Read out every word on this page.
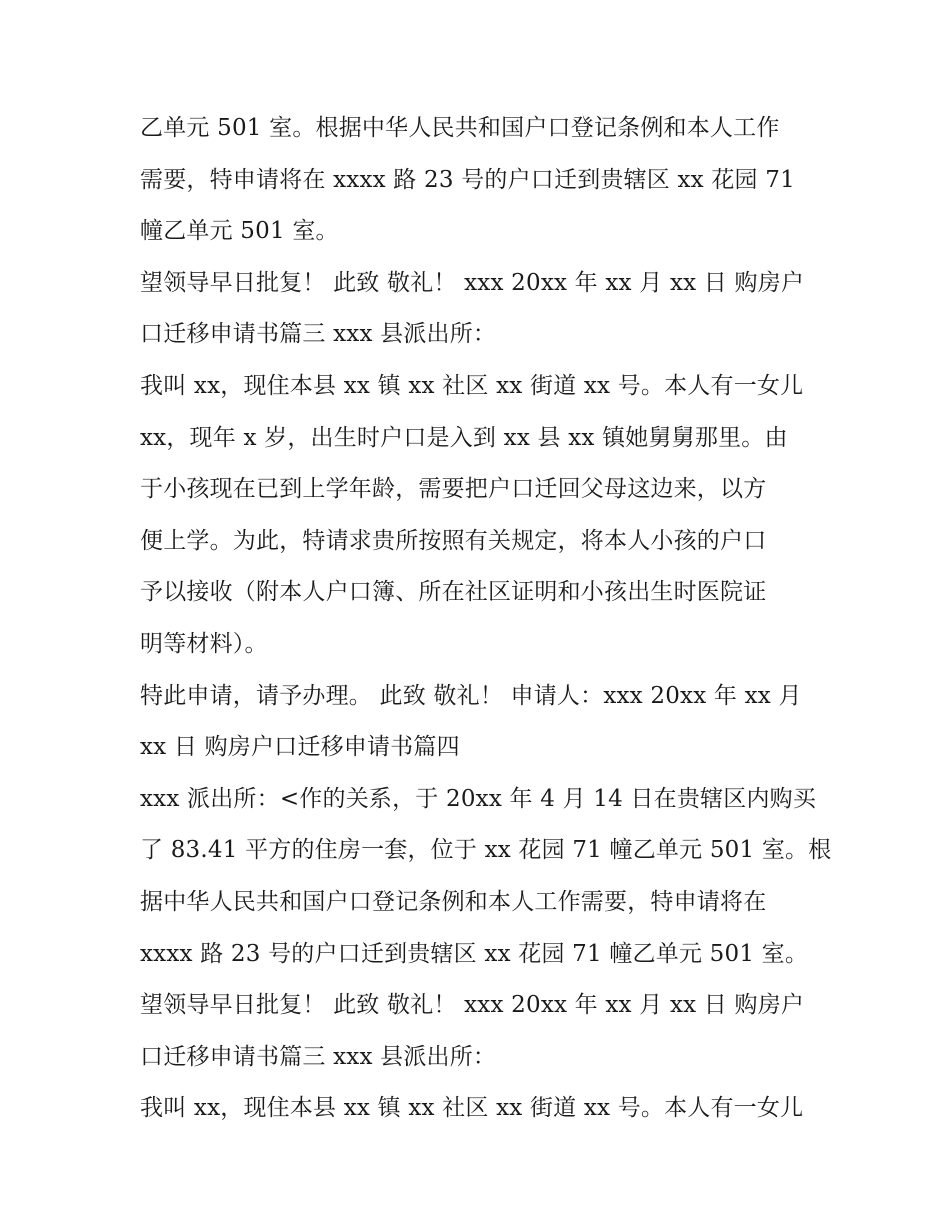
乙单元 501 室。根据中华人民共和国户口登记条例和本人工作
需要，特申请将在 xxxx 路 23 号的户口迁到贵辖区 xx 花园 71
幢乙单元 501 室。
望领导早日批复！ 此致 敬礼！ xxx 20xx 年 xx 月 xx 日 购房户
口迁移申请书篇三 xxx 县派出所：
我叫 xx，现住本县 xx 镇 xx 社区 xx 街道 xx 号。本人有一女儿
xx，现年 x 岁，出生时户口是入到 xx 县 xx 镇她舅舅那里。由
于小孩现在已到上学年龄，需要把户口迁回父母这边来，以方
便上学。为此，特请求贵所按照有关规定，将本人小孩的户口
予以接收（附本人户口簿、所在社区证明和小孩出生时医院证
明等材料）。
特此申请，请予办理。 此致 敬礼！ 申请人：xxx 20xx 年 xx 月
xx 日 购房户口迁移申请书篇四
xxx 派出所：<作的关系，于 20xx 年 4 月 14 日在贵辖区内购买
了 83.41 平方的住房一套，位于 xx 花园 71 幢乙单元 501 室。根
据中华人民共和国户口登记条例和本人工作需要，特申请将在
xxxx 路 23 号的户口迁到贵辖区 xx 花园 71 幢乙单元 501 室。
望领导早日批复！ 此致 敬礼！ xxx 20xx 年 xx 月 xx 日 购房户
口迁移申请书篇三 xxx 县派出所：
我叫 xx，现住本县 xx 镇 xx 社区 xx 街道 xx 号。本人有一女儿
